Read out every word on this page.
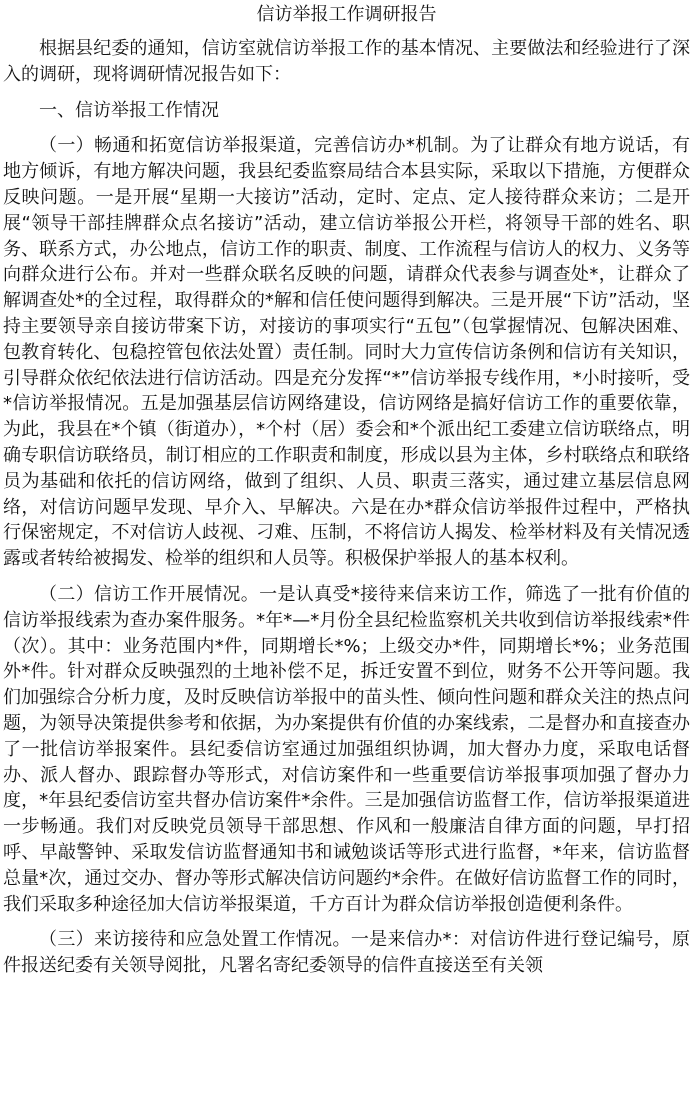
信访举报工作调研报告

根据县纪委的通知，信访室就信访举报工作的基本情况、主要做法和经验进行了深入的调研，现将调研情况报告如下：

一、信访举报工作情况

（一）畅通和拓宽信访举报渠道，完善信访办*机制。为了让群众有地方说话，有地方倾诉，有地方解决问题，我县纪委监察局结合本县实际，采取以下措施，方便群众反映问题。一是开展“星期一大接访”活动，定时、定点、定人接待群众来访；二是开展“领导干部挂牌群众点名接访”活动，建立信访举报公开栏，将领导干部的姓名、职务、联系方式，办公地点，信访工作的职责、制度、工作流程与信访人的权力、义务等向群众进行公布。并对一些群众联名反映的问题，请群众代表参与调查处*，让群众了解调查处*的全过程，取得群众的*解和信任使问题得到解决。三是开展“下访”活动，坚持主要领导亲自接访带案下访，对接访的事项实行“五包”（包掌握情况、包解决困难、包教育转化、包稳控管包依法处置）责任制。同时大力宣传信访条例和信访有关知识，引导群众依纪依法进行信访活动。四是充分发挥“*”信访举报专线作用，*小时接听，受*信访举报情况。五是加强基层信访网络建设，信访网络是搞好信访工作的重要依靠，为此，我县在*个镇（街道办），*个村（居）委会和*个派出纪工委建立信访联络点，明确专职信访联络员，制订相应的工作职责和制度，形成以县为主体，乡村联络点和联络员为基础和依托的信访网络，做到了组织、人员、职责三落实，通过建立基层信息网络，对信访问题早发现、早介入、早解决。六是在办*群众信访举报件过程中，严格执行保密规定，不对信访人歧视、刁难、压制，不将信访人揭发、检举材料及有关情况透露或者转给被揭发、检举的组织和人员等。积极保护举报人的基本权利。

（二）信访工作开展情况。一是认真受*接待来信来访工作，筛选了一批有价值的信访举报线索为查办案件服务。*年*—*月份全县纪检监察机关共收到信访举报线索*件（次）。其中：业务范围内*件，同期增长*%；上级交办*件，同期增长*%；业务范围外*件。针对群众反映强烈的土地补偿不足，拆迁安置不到位，财务不公开等问题。我们加强综合分析力度，及时反映信访举报中的苗头性、倾向性问题和群众关注的热点问题，为领导决策提供参考和依据，为办案提供有价值的办案线索，二是督办和直接查办了一批信访举报案件。县纪委信访室通过加强组织协调，加大督办力度，采取电话督办、派人督办、跟踪督办等形式，对信访案件和一些重要信访举报事项加强了督办力度，*年县纪委信访室共督办信访案件*余件。三是加强信访监督工作，信访举报渠道进一步畅通。我们对反映党员领导干部思想、作风和一般廉洁自律方面的问题，早打招呼、早敲警钟、采取发信访监督通知书和诫勉谈话等形式进行监督，*年来，信访监督总量*次，通过交办、督办等形式解决信访问题约*余件。在做好信访监督工作的同时，我们采取多种途径加大信访举报渠道，千方百计为群众信访举报创造便利条件。

（三）来访接待和应急处置工作情况。一是来信办*：对信访件进行登记编号，原件报送纪委有关领导阅批，凡署名寄纪委领导的信件直接送至有关领
